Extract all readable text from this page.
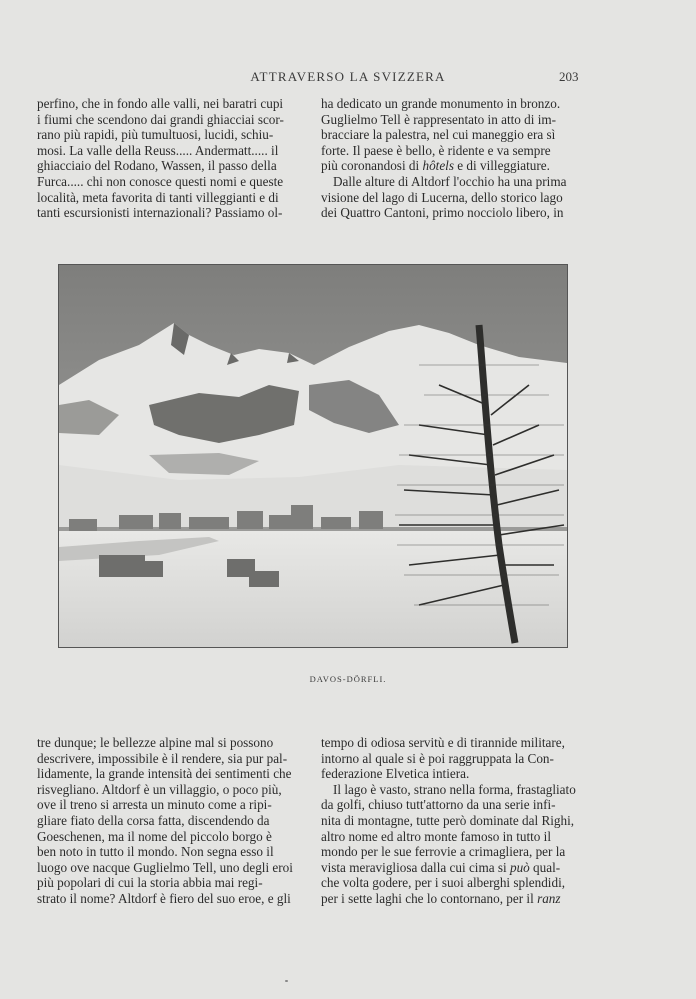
ATTRAVERSO LA SVIZZERA	203
perfino, che in fondo alle valli, nei baratri cupi
i fiumi che scendono dai grandi ghiacciai scor-
rano più rapidi, più tumultuosi, lucidi, schiu-
mosi. La valle della Reuss..... Andermatt..... il
ghiacciaio del Rodano, Wassen, il passo della
Furca..... chi non conosce questi nomi e queste
località, meta favorita di tanti villeggianti e di
tanti escursionisti internazionali? Passiamo ol-
ha dedicato un grande monumento in bronzo.
Guglielmo Tell è rappresentato in atto di im-
bracciare la palestra, nel cui maneggio era sì
forte. Il paese è bello, è ridente e va sempre
più coronandosi di hôtels e di villeggiature.
Dalle alture di Altdorf l'occhio ha una prima
visione del lago di Lucerna, dello storico lago
dei Quattro Cantoni, primo nocciolo libero, in
DAVOS-DÖRFLI.
tre dunque; le bellezze alpine mal si possono
descrivere, impossibile è il rendere, sia pur pal-
lidamente, la grande intensità dei sentimenti che
risvegliano. Altdorf è un villaggio, o poco più,
ove il treno si arresta un minuto come a ripi-
gliare fiato della corsa fatta, discendendo da
Goeschenen, ma il nome del piccolo borgo è
ben noto in tutto il mondo. Non segna esso il
luogo ove nacque Guglielmo Tell, uno degli eroi
più popolari di cui la storia abbia mai regi-
strato il nome? Altdorf è fiero del suo eroe, e gli
tempo di odiosa servitù e di tirannide militare,
intorno al quale si è poi raggruppata la Con-
federazione Elvetica intiera.
Il lago è vasto, strano nella forma, frastagliato
da golfi, chiuso tutt'attorno da una serie infi-
nita di montagne, tutte però dominate dal Righi,
altro nome ed altro monte famoso in tutto il
mondo per le sue ferrovie a crimagliera, per la
vista meravigliosa dalla cui cima si può qual-
che volta godere, per i suoi alberghi splendidi,
per i sette laghi che lo contornano, per il ranz
